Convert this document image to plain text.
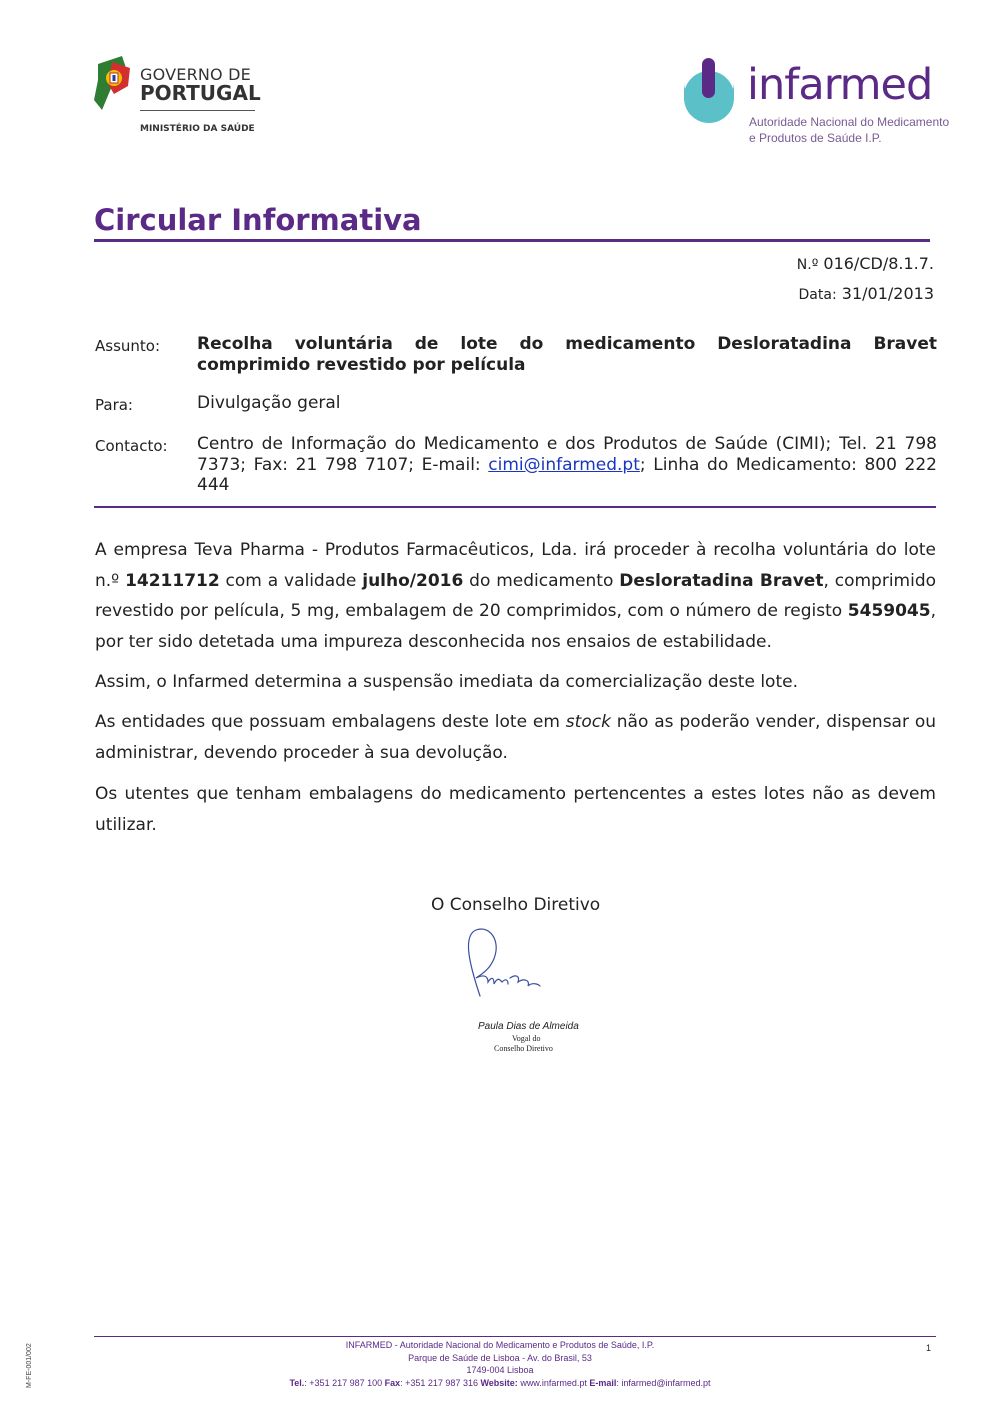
GOVERNO DE
PORTUGAL
MINISTÉRIO DA SAÚDE
infarmed
Autoridade Nacional do Medicamento
e Produtos de Saúde I.P.
Circular Informativa
N.º 016/CD/8.1.7.
Data: 31/01/2013
Assunto: Recolha voluntária de lote do medicamento Desloratadina Bravet comprimido revestido por película
Para:	Divulgação geral
Contacto: Centro de Informação do Medicamento e dos Produtos de Saúde (CIMI); Tel. 21 798 7373; Fax: 21 798 7107; E-mail: cimi@infarmed.pt; Linha do Medicamento: 800 222 444
A empresa Teva Pharma - Produtos Farmacêuticos, Lda. irá proceder à recolha voluntária do lote n.º 14211712 com a validade julho/2016 do medicamento Desloratadina Bravet, comprimido revestido por película, 5 mg, embalagem de 20 comprimidos, com o número de registo 5459045, por ter sido detetada uma impureza desconhecida nos ensaios de estabilidade.
Assim, o Infarmed determina a suspensão imediata da comercialização deste lote.
As entidades que possuam embalagens deste lote em stock não as poderão vender, dispensar ou administrar, devendo proceder à sua devolução.
Os utentes que tenham embalagens do medicamento pertencentes a estes lotes não as devem utilizar.
O Conselho Diretivo
Paula Dias de Almeida
Vogal do
Conselho Diretivo
INFARMED - Autoridade Nacional do Medicamento e Produtos de Saúde, I.P.
Parque de Saúde de Lisboa - Av. do Brasil, 53
1749-004 Lisboa
Tel.: +351 217 987 100 Fax: +351 217 987 316 Website: www.infarmed.pt E-mail: infarmed@infarmed.pt
1
M-FE-001/002
